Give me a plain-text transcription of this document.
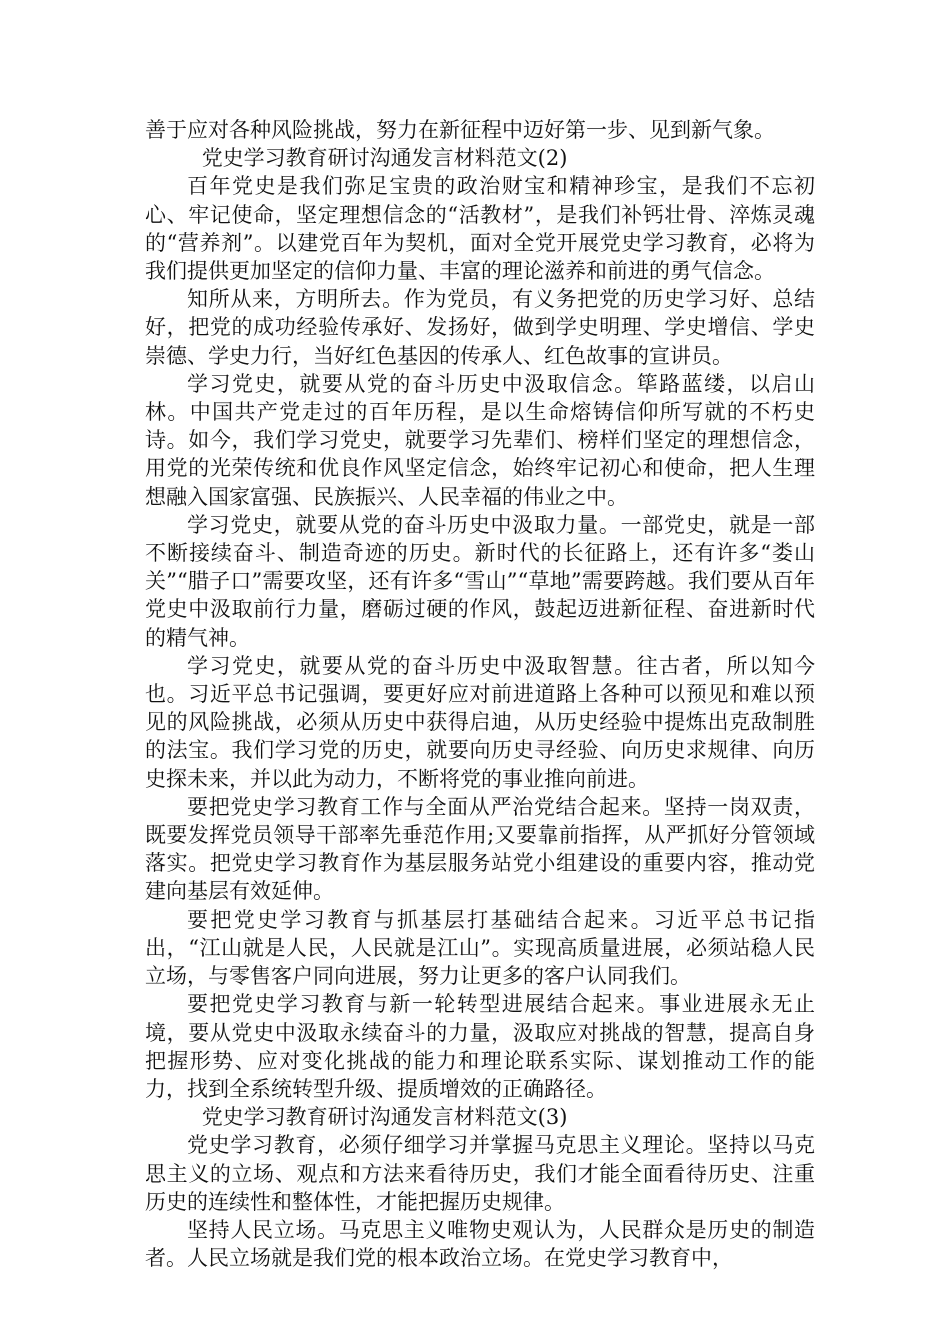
善于应对各种风险挑战，努力在新征程中迈好第一步、见到新气象。

党史学习教育研讨沟通发言材料范文(2)

百年党史是我们弥足宝贵的政治财宝和精神珍宝，是我们不忘初心、牢记使命，坚定理想信念的“活教材”，是我们补钙壮骨、淬炼灵魂的“营养剂”。以建党百年为契机，面对全党开展党史学习教育，必将为我们提供更加坚定的信仰力量、丰富的理论滋养和前进的勇气信念。

知所从来，方明所去。作为党员，有义务把党的历史学习好、总结好，把党的成功经验传承好、发扬好，做到学史明理、学史增信、学史崇德、学史力行，当好红色基因的传承人、红色故事的宣讲员。

学习党史，就要从党的奋斗历史中汲取信念。筚路蓝缕，以启山林。中国共产党走过的百年历程，是以生命熔铸信仰所写就的不朽史诗。如今，我们学习党史，就要学习先辈们、榜样们坚定的理想信念，用党的光荣传统和优良作风坚定信念，始终牢记初心和使命，把人生理想融入国家富强、民族振兴、人民幸福的伟业之中。

学习党史，就要从党的奋斗历史中汲取力量。一部党史，就是一部不断接续奋斗、制造奇迹的历史。新时代的长征路上，还有许多“娄山关”“腊子口”需要攻坚，还有许多“雪山”“草地”需要跨越。我们要从百年党史中汲取前行力量，磨砺过硬的作风，鼓起迈进新征程、奋进新时代的精气神。

学习党史，就要从党的奋斗历史中汲取智慧。往古者，所以知今也。习近平总书记强调，要更好应对前进道路上各种可以预见和难以预见的风险挑战，必须从历史中获得启迪，从历史经验中提炼出克敌制胜的法宝。我们学习党的历史，就要向历史寻经验、向历史求规律、向历史探未来，并以此为动力，不断将党的事业推向前进。

要把党史学习教育工作与全面从严治党结合起来。坚持一岗双责，既要发挥党员领导干部率先垂范作用;又要靠前指挥，从严抓好分管领域落实。把党史学习教育作为基层服务站党小组建设的重要内容，推动党建向基层有效延伸。

要把党史学习教育与抓基层打基础结合起来。习近平总书记指出，“江山就是人民，人民就是江山”。实现高质量进展，必须站稳人民立场，与零售客户同向进展，努力让更多的客户认同我们。

要把党史学习教育与新一轮转型进展结合起来。事业进展永无止境，要从党史中汲取永续奋斗的力量，汲取应对挑战的智慧，提高自身把握形势、应对变化挑战的能力和理论联系实际、谋划推动工作的能力，找到全系统转型升级、提质增效的正确路径。

党史学习教育研讨沟通发言材料范文(3)

党史学习教育，必须仔细学习并掌握马克思主义理论。坚持以马克思主义的立场、观点和方法来看待历史，我们才能全面看待历史、注重历史的连续性和整体性，才能把握历史规律。

坚持人民立场。马克思主义唯物史观认为，人民群众是历史的制造者。人民立场就是我们党的根本政治立场。在党史学习教育中，
